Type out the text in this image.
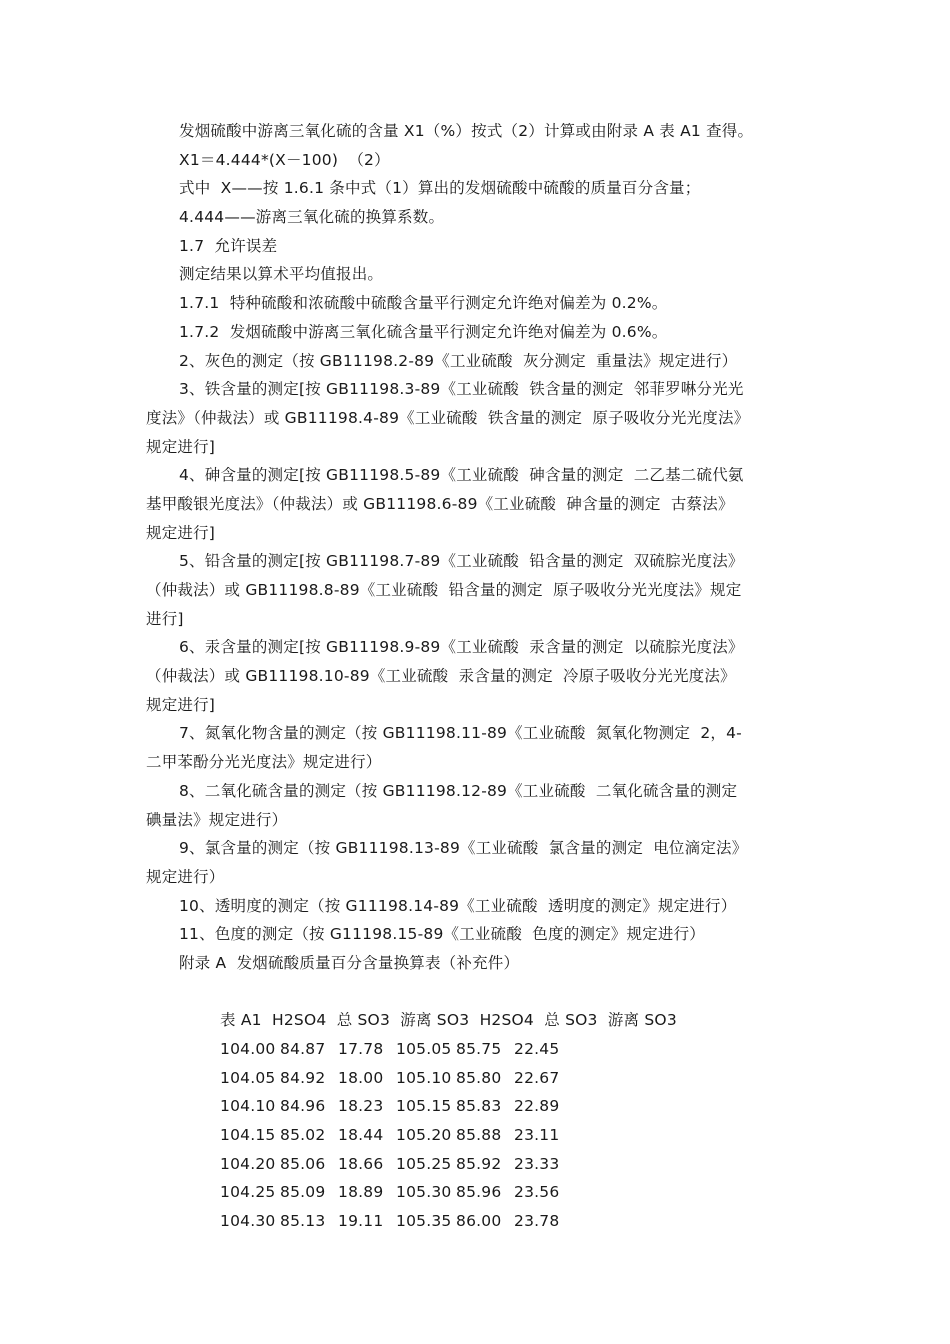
发烟硫酸中游离三氧化硫的含量 X1（%）按式（2）计算或由附录 A 表 A1 查得。
X1＝4.444*(X－100)  （2）
式中  X——按 1.6.1 条中式（1）算出的发烟硫酸中硫酸的质量百分含量；
4.444——游离三氧化硫的换算系数。
1.7  允许误差
测定结果以算术平均值报出。
1.7.1  特种硫酸和浓硫酸中硫酸含量平行测定允许绝对偏差为 0.2%。
1.7.2  发烟硫酸中游离三氧化硫含量平行测定允许绝对偏差为 0.6%。
2、灰色的测定（按 GB11198.2-89《工业硫酸  灰分测定  重量法》规定进行）
3、铁含量的测定[按 GB11198.3-89《工业硫酸  铁含量的测定  邻菲罗啉分光光
度法》（仲裁法）或 GB11198.4-89《工业硫酸  铁含量的测定  原子吸收分光光度法》
规定进行]
4、砷含量的测定[按 GB11198.5-89《工业硫酸  砷含量的测定  二乙基二硫代氨
基甲酸银光度法》（仲裁法）或 GB11198.6-89《工业硫酸  砷含量的测定  古蔡法》
规定进行]
5、铅含量的测定[按 GB11198.7-89《工业硫酸  铅含量的测定  双硫腙光度法》
（仲裁法）或 GB11198.8-89《工业硫酸  铅含量的测定  原子吸收分光光度法》规定
进行]
6、汞含量的测定[按 GB11198.9-89《工业硫酸  汞含量的测定  以硫腙光度法》
（仲裁法）或 GB11198.10-89《工业硫酸  汞含量的测定  冷原子吸收分光光度法》
规定进行]
7、氮氧化物含量的测定（按 GB11198.11-89《工业硫酸  氮氧化物测定  2，4-
二甲苯酚分光光度法》规定进行）
8、二氧化硫含量的测定（按 GB11198.12-89《工业硫酸  二氧化硫含量的测定
碘量法》规定进行）
9、氯含量的测定（按 GB11198.13-89《工业硫酸  氯含量的测定  电位滴定法》
规定进行）
10、透明度的测定（按 G11198.14-89《工业硫酸  透明度的测定》规定进行）
11、色度的测定（按 G11198.15-89《工业硫酸  色度的测定》规定进行）
附录 A  发烟硫酸质量百分含量换算表（补充件）

表 A1 H2SO4 总 SO3 游离 SO3 H2SO4 总 SO3 游离 SO3

104.00 84.87 17.78 105.05 85.75 22.45

104.05 84.92 18.00 105.10 85.80 22.67

104.10 84.96 18.23 105.15 85.83 22.89

104.15 85.02 18.44 105.20 85.88 23.11

104.20 85.06 18.66 105.25 85.92 23.33

104.25 85.09 18.89 105.30 85.96 23.56

104.30 85.13 19.11 105.35 86.00 23.78
